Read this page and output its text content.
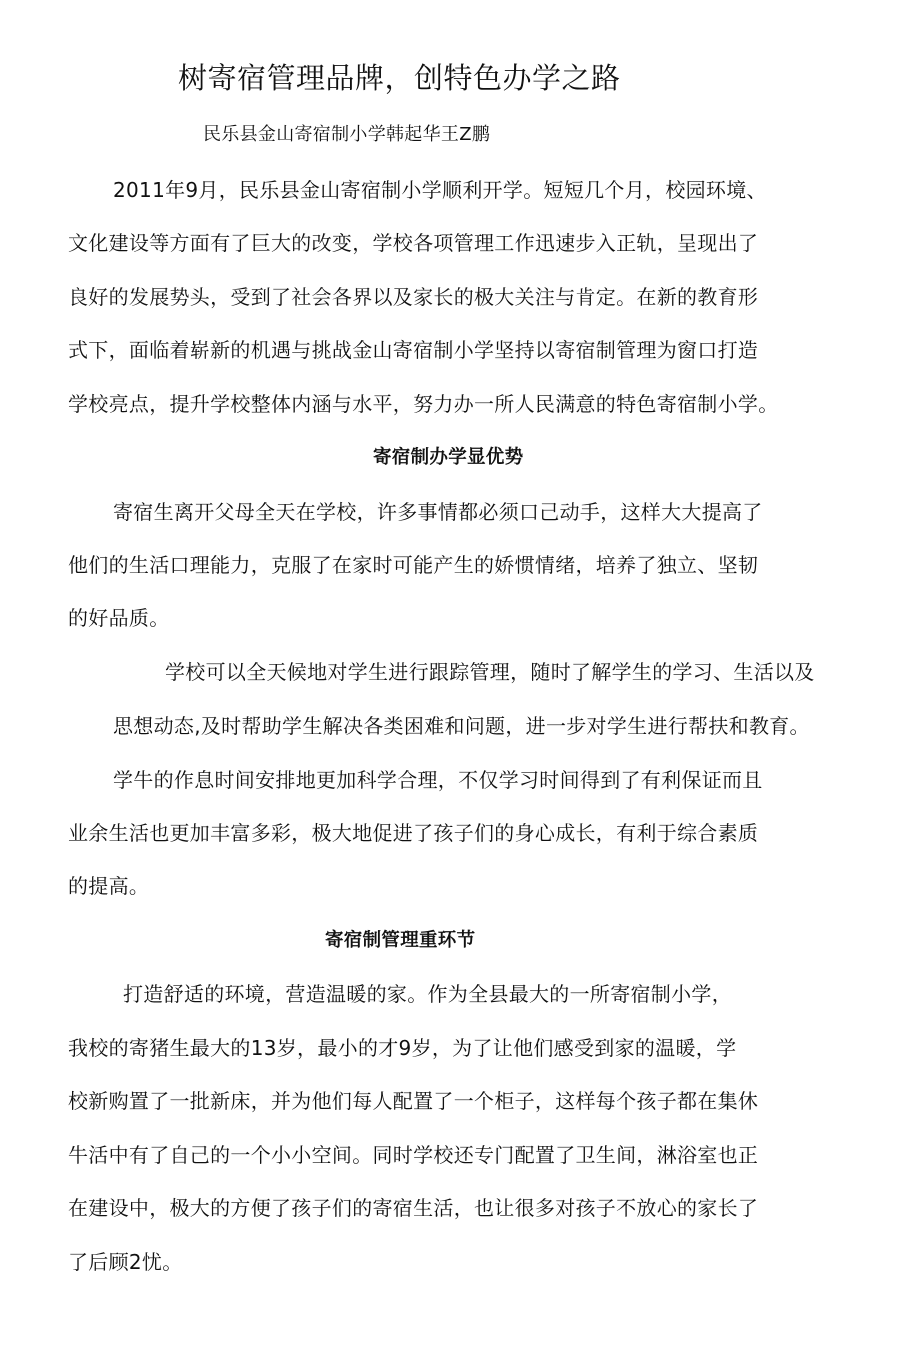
树寄宿管理品牌，创特色办学之路
民乐县金山寄宿制小学韩起华王Z鹏
2011年9月，民乐县金山寄宿制小学顺利开学。短短几个月，校园环境、
文化建设等方面有了巨大的改变，学校各项管理工作迅速步入正轨，呈现出了
良好的发展势头，受到了社会各界以及家长的极大关注与肯定。在新的教育形
式下，面临着崭新的机遇与挑战金山寄宿制小学坚持以寄宿制管理为窗口打造
学校亮点，提升学校整体内涵与水平，努力办一所人民满意的特色寄宿制小学。
寄宿制办学显优势
寄宿生离开父母全天在学校，许多事情都必须口己动手，这样大大提高了
他们的生活口理能力，克服了在家时可能产生的娇惯情绪，培养了独立、坚韧
的好品质。
学校可以全天候地对学生进行跟踪管理，随时了解学生的学习、生活以及
思想动态,及时帮助学生解决各类困难和问题，进一步对学生进行帮扶和教育。
学牛的作息时间安排地更加科学合理，不仅学习时间得到了有利保证而且
业余生活也更加丰富多彩，极大地促进了孩子们的身心成长，有利于综合素质
的提高。
寄宿制管理重环节
打造舒适的环境，营造温暖的家。作为全县最大的一所寄宿制小学，
我校的寄猪生最大的13岁，最小的才9岁，为了让他们感受到家的温暖，学
校新购置了一批新床，并为他们每人配置了一个柜子，这样每个孩子都在集休
牛活中有了自己的一个小小空间。同时学校还专门配置了卫生间，淋浴室也正
在建设中，极大的方便了孩子们的寄宿生活，也让很多对孩子不放心的家长了
了后顾2忧。
